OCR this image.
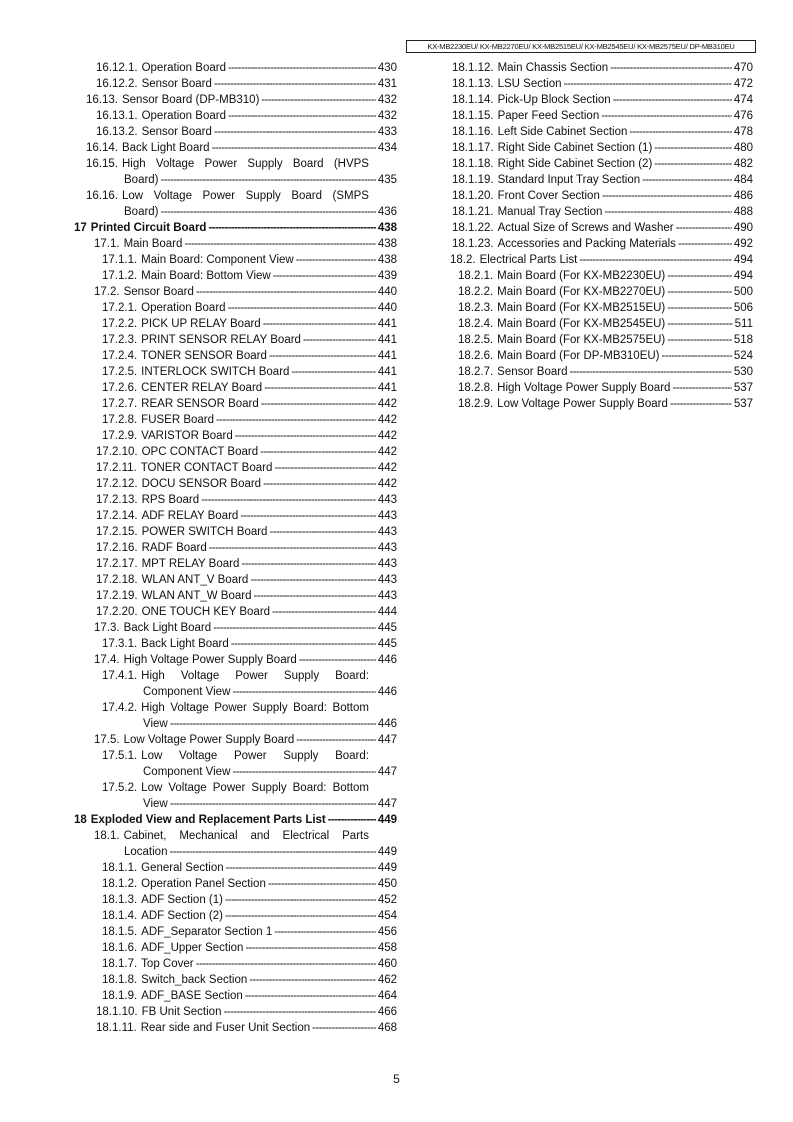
KX-MB2230EU/ KX-MB2270EU/ KX-MB2515EU/ KX-MB2545EU/ KX-MB2575EU/ DP-MB310EU
16.12.1. Operation Board -----	430
16.12.2. Sensor Board -----	431
16.13. Sensor Board (DP-MB310) -----	432
16.13.1. Operation Board -----	432
16.13.2. Sensor Board -----	433
16.14. Back Light Board -----	434
16.15. High Voltage Power Supply Board (HVPS
Board) -----	435
16.16. Low Voltage Power Supply Board (SMPS
Board) -----	436
17 Printed Circuit Board -----	438
17.1. Main Board -----	438
17.1.1. Main Board: Component View -----	438
17.1.2. Main Board: Bottom View -----	439
17.2. Sensor Board -----	440
17.2.1. Operation Board -----	440
17.2.2. PICK UP RELAY Board -----	441
17.2.3. PRINT SENSOR RELAY Board -----	441
17.2.4. TONER SENSOR Board -----	441
17.2.5. INTERLOCK SWITCH Board -----	441
17.2.6. CENTER RELAY Board -----	441
17.2.7. REAR SENSOR Board -----	442
17.2.8. FUSER Board -----	442
17.2.9. VARISTOR Board -----	442
17.2.10. OPC CONTACT Board -----	442
17.2.11. TONER CONTACT Board -----	442
17.2.12. DOCU SENSOR Board -----	442
17.2.13. RPS Board -----	443
17.2.14. ADF RELAY Board -----	443
17.2.15. POWER SWITCH Board -----	443
17.2.16. RADF Board -----	443
17.2.17. MPT RELAY Board -----	443
17.2.18. WLAN ANT_V Board -----	443
17.2.19. WLAN ANT_W Board -----	443
17.2.20. ONE TOUCH KEY Board -----	444
17.3. Back Light Board -----	445
17.3.1. Back Light Board -----	445
17.4. High Voltage Power Supply Board -----	446
17.4.1. High Voltage Power Supply Board:
Component View -----	446
17.4.2. High Voltage Power Supply Board: Bottom
View -----	446
17.5. Low Voltage Power Supply Board -----	447
17.5.1. Low Voltage Power Supply Board:
Component View -----	447
17.5.2. Low Voltage Power Supply Board: Bottom
View -----	447
18 Exploded View and Replacement Parts List -----	449
18.1. Cabinet, Mechanical and Electrical Parts
Location -----	449
18.1.1. General Section -----	449
18.1.2. Operation Panel Section -----	450
18.1.3. ADF Section (1) -----	452
18.1.4. ADF Section (2) -----	454
18.1.5. ADF_Separator Section 1 -----	456
18.1.6. ADF_Upper Section -----	458
18.1.7. Top Cover -----	460
18.1.8. Switch_back Section -----	462
18.1.9. ADF_BASE Section -----	464
18.1.10. FB Unit Section -----	466
18.1.11. Rear side and Fuser Unit Section -----	468
18.1.12. Main Chassis Section -----	470
18.1.13. LSU Section -----	472
18.1.14. Pick-Up Block Section -----	474
18.1.15. Paper Feed Section -----	476
18.1.16. Left Side Cabinet Section -----	478
18.1.17. Right Side Cabinet Section (1) -----	480
18.1.18. Right Side Cabinet Section (2) -----	482
18.1.19. Standard Input Tray Section -----	484
18.1.20. Front Cover Section -----	486
18.1.21. Manual Tray Section -----	488
18.1.22. Actual Size of Screws and Washer -----	490
18.1.23. Accessories and Packing Materials -----	492
18.2. Electrical Parts List -----	494
18.2.1. Main Board (For KX-MB2230EU) -----	494
18.2.2. Main Board (For KX-MB2270EU) -----	500
18.2.3. Main Board (For KX-MB2515EU) -----	506
18.2.4. Main Board (For KX-MB2545EU) -----	511
18.2.5. Main Board (For KX-MB2575EU) -----	518
18.2.6. Main Board (For DP-MB310EU) -----	524
18.2.7. Sensor Board -----	530
18.2.8. High Voltage Power Supply Board -----	537
18.2.9. Low Voltage Power Supply Board -----	537
5
